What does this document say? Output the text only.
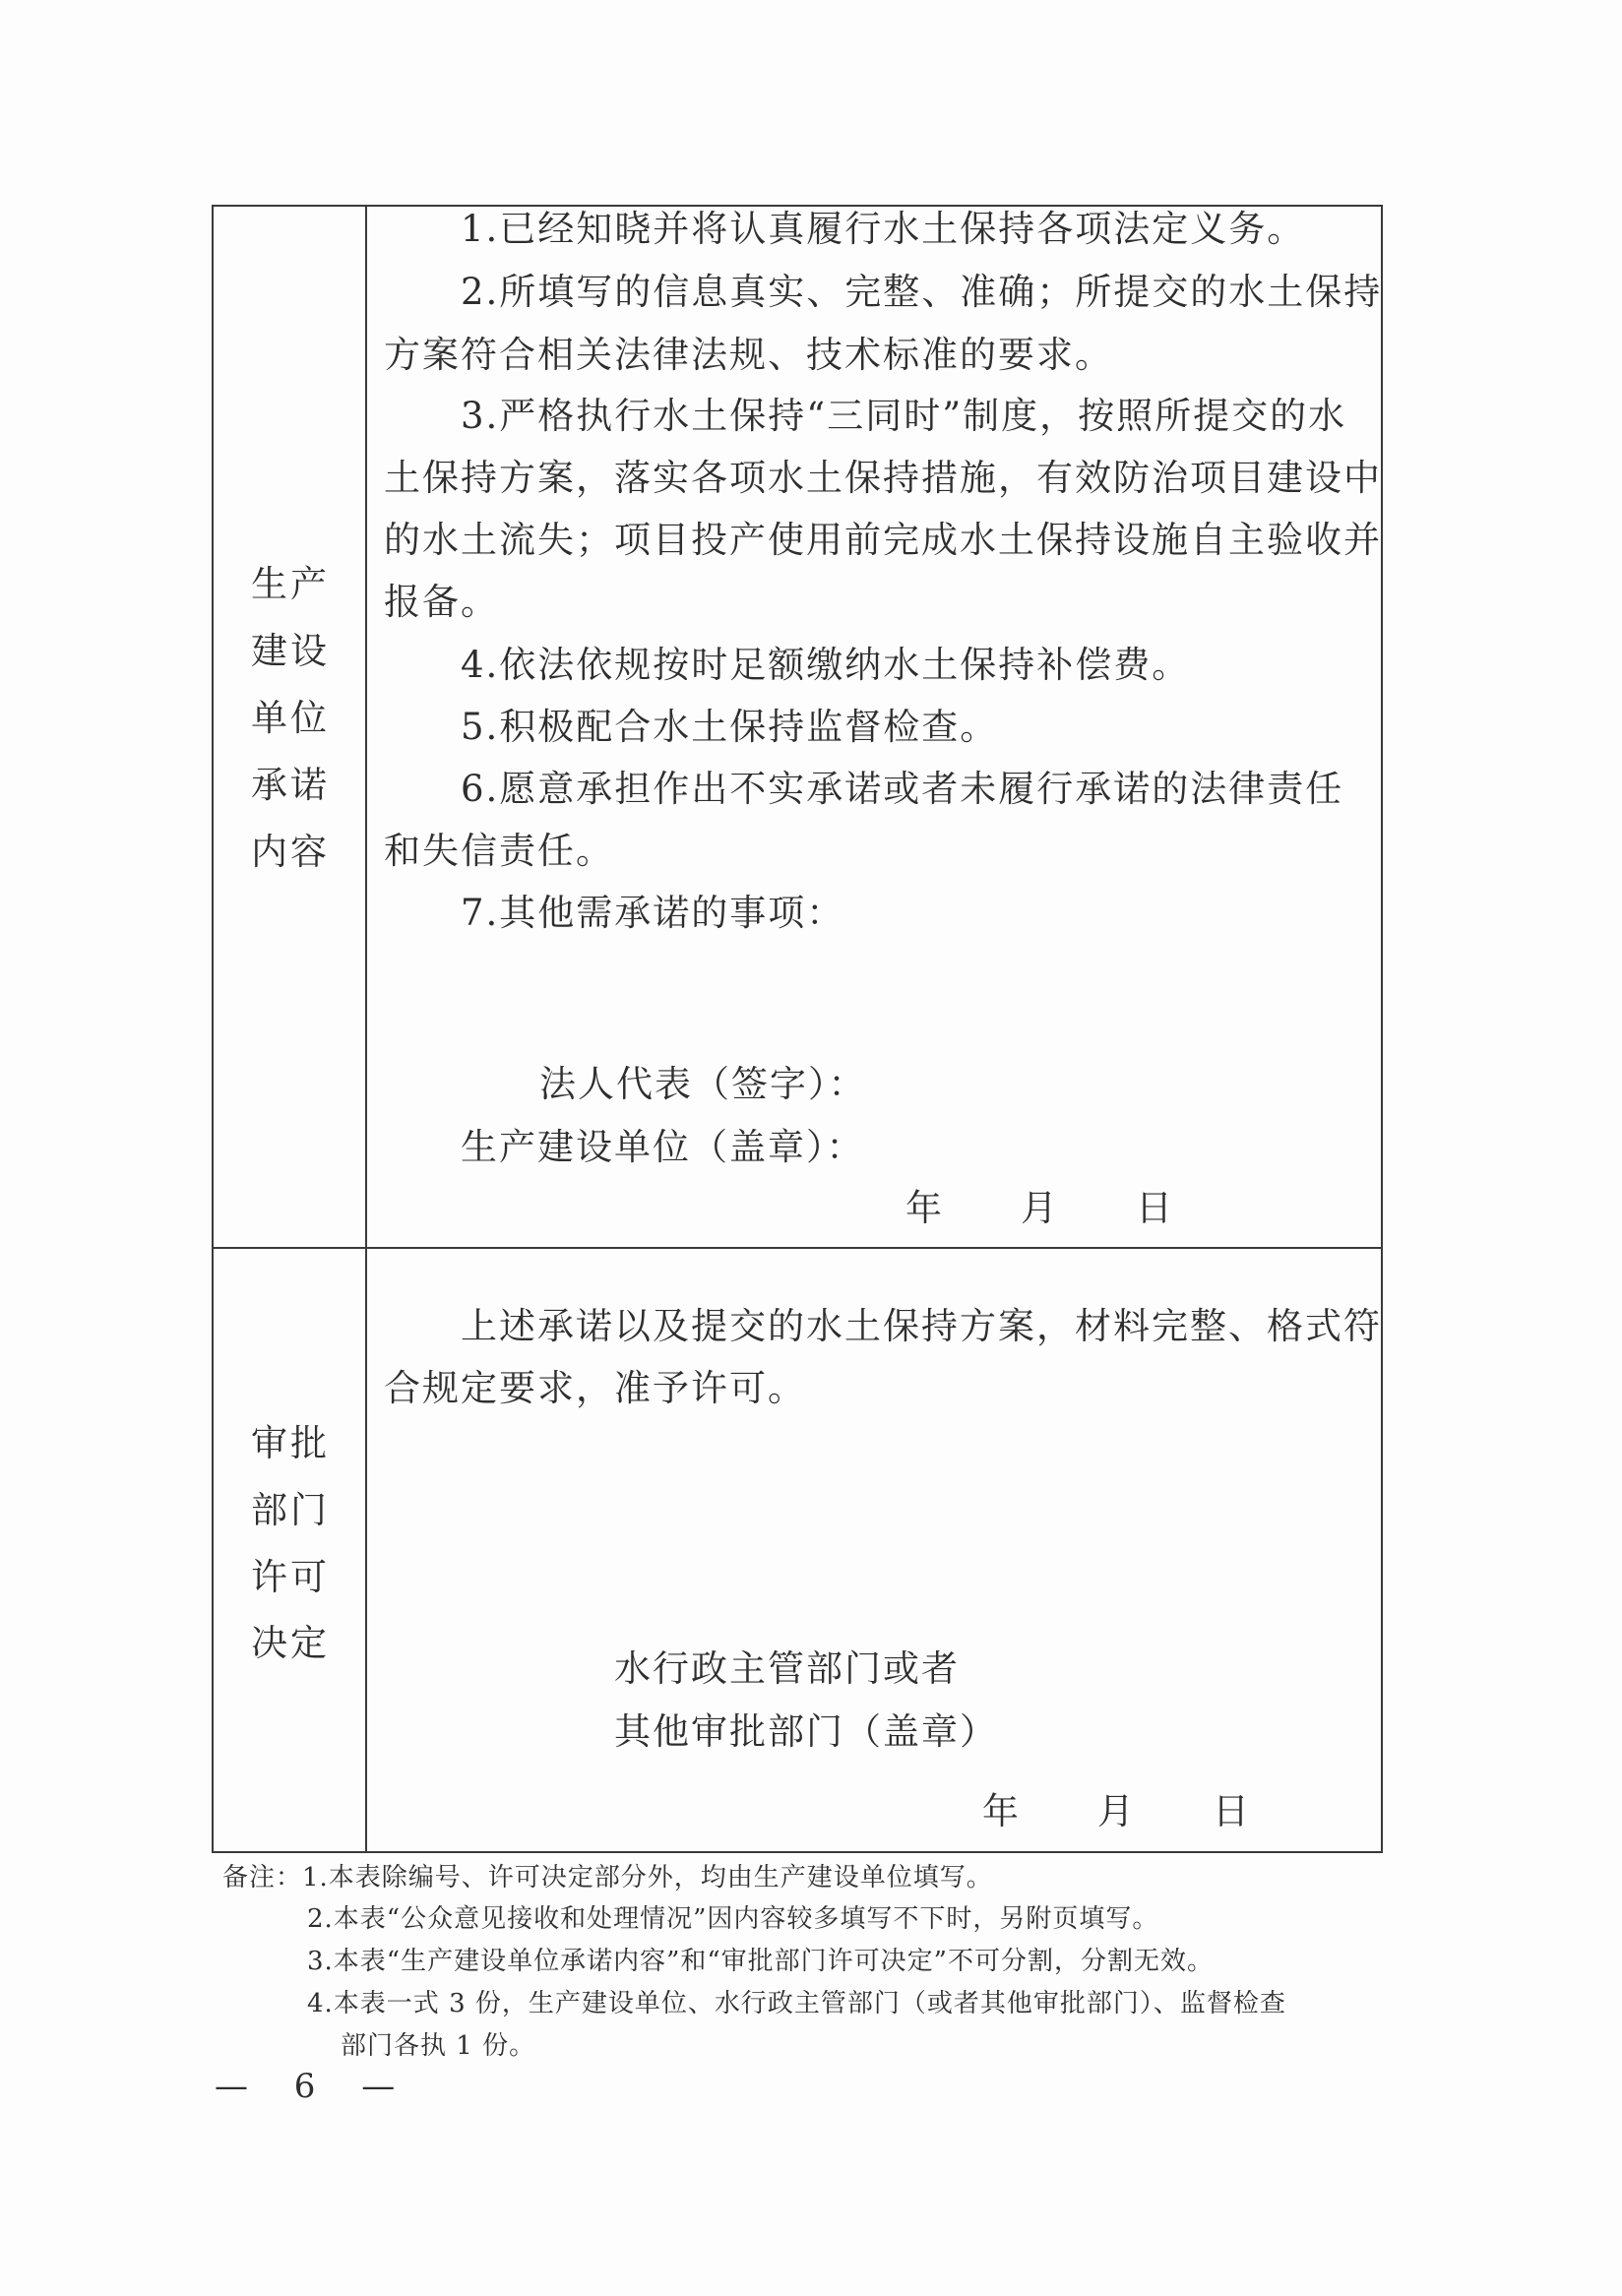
生产
建设
单位
承诺
内容
1.已经知晓并将认真履行水土保持各项法定义务。
2.所填写的信息真实、完整、准确；所提交的水土保持
方案符合相关法律法规、技术标准的要求。
3.严格执行水土保持“三同时”制度，按照所提交的水
土保持方案，落实各项水土保持措施，有效防治项目建设中
的水土流失；项目投产使用前完成水土保持设施自主验收并
报备。
4.依法依规按时足额缴纳水土保持补偿费。
5.积极配合水土保持监督检查。
6.愿意承担作出不实承诺或者未履行承诺的法律责任
和失信责任。
7.其他需承诺的事项：
法人代表（签字）：
生产建设单位（盖章）：
年　　月　　日
审批
部门
许可
决定
上述承诺以及提交的水土保持方案，材料完整、格式符
合规定要求，准予许可。
水行政主管部门或者
其他审批部门（盖章）
年　　月　　日
备注：1.本表除编号、许可决定部分外，均由生产建设单位填写。
2.本表“公众意见接收和处理情况”因内容较多填写不下时，另附页填写。
3.本表“生产建设单位承诺内容”和“审批部门许可决定”不可分割，分割无效。
4.本表一式 3 份，生产建设单位、水行政主管部门（或者其他审批部门）、监督检查
部门各执 1 份。
— 6 —
